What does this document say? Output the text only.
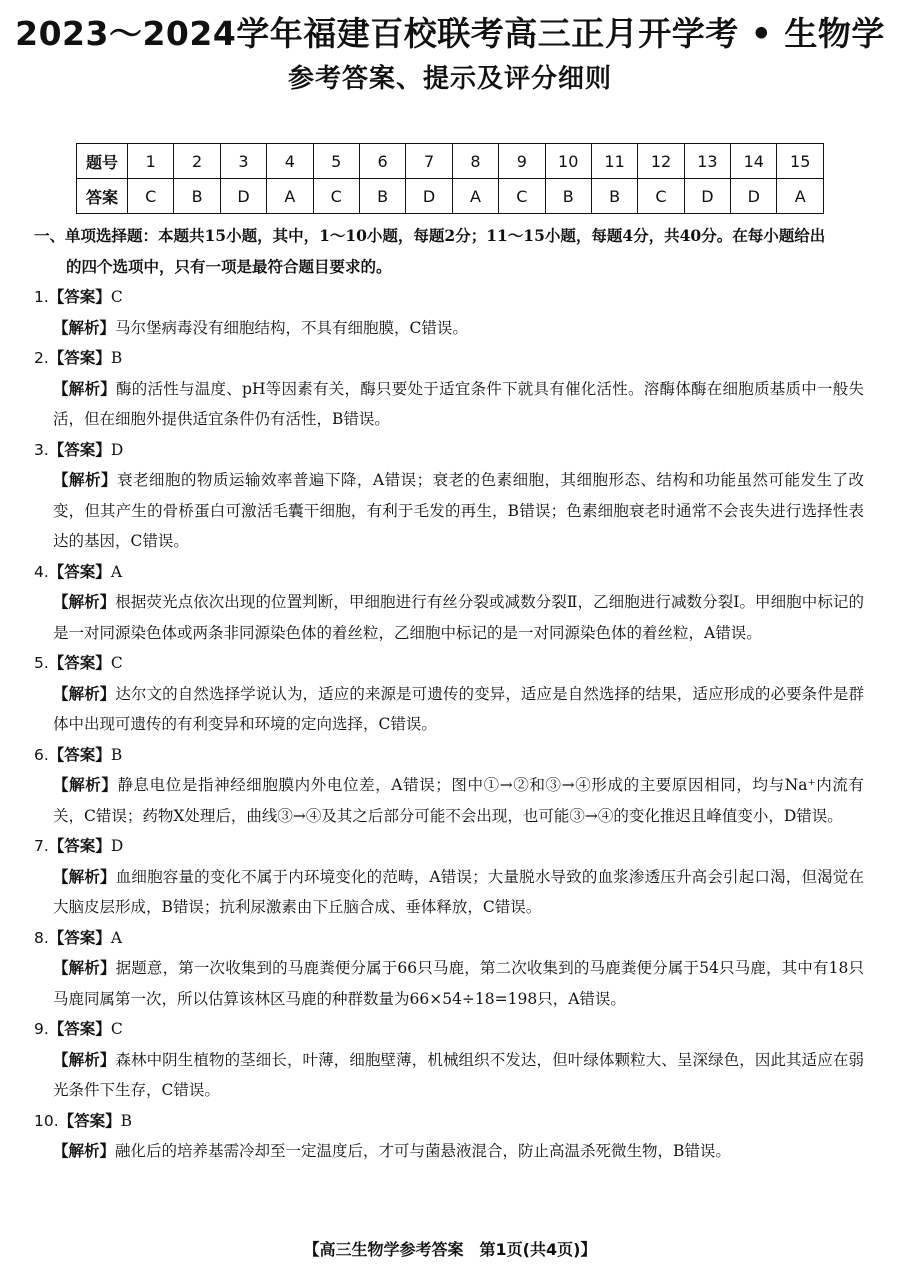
2023～2024学年福建百校联考高三正月开学考 • 生物学
参考答案、提示及评分细则
题号	1	2	3	4	5	6	7	8	9	10	11	12	13	14	15
答案	C	B	D	A	C	B	D	A	C	B	B	C	D	D	A

一、单项选择题：本题共15小题，其中，1～10小题，每题2分；11～15小题，每题4分，共40分。在每小题给出

的四个选项中，只有一项是最符合题目要求的。

1.【答案】C

【解析】马尔堡病毒没有细胞结构，不具有细胞膜，C错误。

2.【答案】B

【解析】酶的活性与温度、pH等因素有关，酶只要处于适宜条件下就具有催化活性。溶酶体酶在细胞质基质中一般失活，但在细胞外提供适宜条件仍有活性，B错误。

3.【答案】D

【解析】衰老细胞的物质运输效率普遍下降，A错误；衰老的色素细胞，其细胞形态、结构和功能虽然可能发生了改变，但其产生的骨桥蛋白可激活毛囊干细胞，有利于毛发的再生，B错误；色素细胞衰老时通常不会丧失进行选择性表达的基因，C错误。

4.【答案】A

【解析】根据荧光点依次出现的位置判断，甲细胞进行有丝分裂或减数分裂Ⅱ，乙细胞进行减数分裂Ⅰ。甲细胞中标记的是一对同源染色体或两条非同源染色体的着丝粒，乙细胞中标记的是一对同源染色体的着丝粒，A错误。

5.【答案】C

【解析】达尔文的自然选择学说认为，适应的来源是可遗传的变异，适应是自然选择的结果，适应形成的必要条件是群体中出现可遗传的有利变异和环境的定向选择，C错误。

6.【答案】B

【解析】静息电位是指神经细胞膜内外电位差，A错误；图中①→②和③→④形成的主要原因相同，均与Na⁺内流有关，C错误；药物X处理后，曲线③→④及其之后部分可能不会出现，也可能③→④的变化推迟且峰值变小，D错误。

7.【答案】D

【解析】血细胞容量的变化不属于内环境变化的范畴，A错误；大量脱水导致的血浆渗透压升高会引起口渴，但渴觉在大脑皮层形成，B错误；抗利尿激素由下丘脑合成、垂体释放，C错误。

8.【答案】A

【解析】据题意，第一次收集到的马鹿粪便分属于66只马鹿，第二次收集到的马鹿粪便分属于54只马鹿，其中有18只马鹿同属第一次，所以估算该林区马鹿的种群数量为66×54÷18=198只，A错误。

9.【答案】C

【解析】森林中阴生植物的茎细长，叶薄，细胞壁薄，机械组织不发达，但叶绿体颗粒大、呈深绿色，因此其适应在弱光条件下生存，C错误。

10.【答案】B

【解析】融化后的培养基需冷却至一定温度后，才可与菌悬液混合，防止高温杀死微生物，B错误。

【高三生物学参考答案　第1页(共4页)】
